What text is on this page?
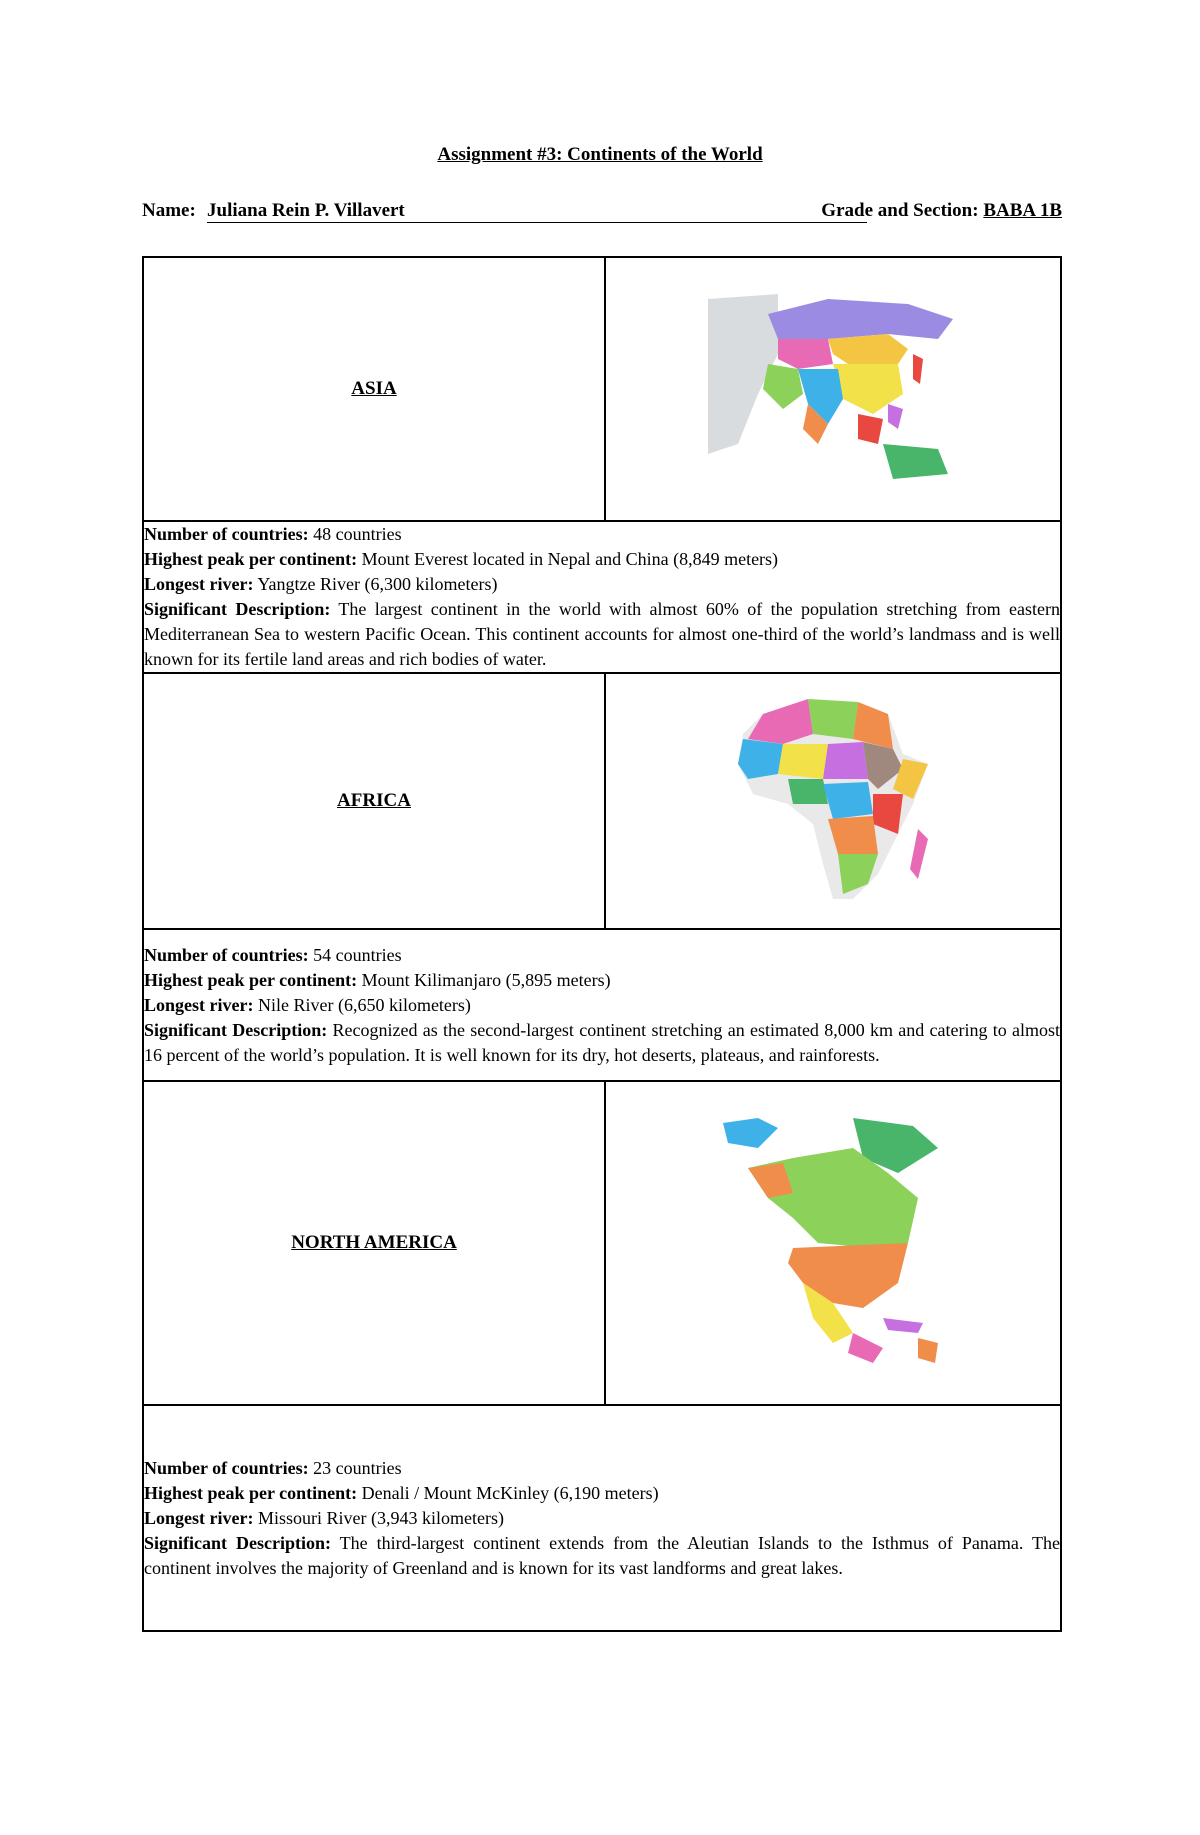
Assignment #3: Continents of the World
Name: Juliana Rein P. Villavert	Grade and Section: BABA 1B
ASIA	

Number of countries: 48 countries
Highest peak per continent: Mount Everest located in Nepal and China (8,849 meters)
Longest river: Yangtze River (6,300 kilometers)
Significant Description: The largest continent in the world with almost 60% of the population stretching from eastern Mediterranean Sea to western Pacific Ocean. This continent accounts for almost one-third of the world’s landmass and is well known for its fertile land areas and rich bodies of water.	

AFRICA	

Number of countries: 54 countries
Highest peak per continent: Mount Kilimanjaro (5,895 meters)
Longest river: Nile River (6,650 kilometers)
Significant Description: Recognized as the second-largest continent stretching an estimated 8,000 km and catering to almost 16 percent of the world’s population. It is well known for its dry, hot deserts, plateaus, and rainforests.	

NORTH AMERICA	

Number of countries: 23 countries
Highest peak per continent: Denali / Mount McKinley (6,190 meters)
Longest river: Missouri River (3,943 kilometers)
Significant Description: The third-largest continent extends from the Aleutian Islands to the Isthmus of Panama. The continent involves the majority of Greenland and is known for its vast landforms and great lakes.	
